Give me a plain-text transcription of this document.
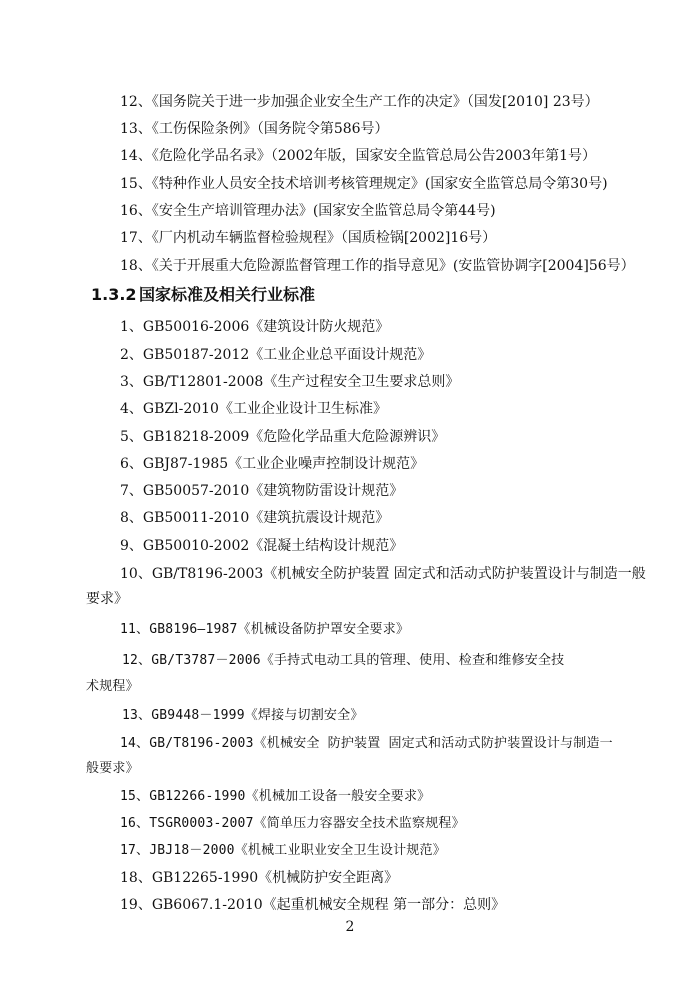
12、《国务院关于进一步加强企业安全生产工作的决定》（国发[2010] 23号）
13、《工伤保险条例》（国务院令第586号）
14、《危险化学品名录》（2002年版，国家安全监管总局公告2003年第1号）
15、《特种作业人员安全技术培训考核管理规定》(国家安全监管总局令第30号)
16、《安全生产培训管理办法》(国家安全监管总局令第44号)
17、《厂内机动车辆监督检验规程》（国质检锅[2002]16号）
18、《关于开展重大危险源监督管理工作的指导意见》(安监管协调字[2004]56号）
1.3.2 国家标准及相关行业标准
1、GB50016-2006《建筑设计防火规范》
2、GB50187-2012《工业企业总平面设计规范》
3、GB/T12801-2008《生产过程安全卫生要求总则》
4、GBZl-2010《工业企业设计卫生标准》
5、GB18218-2009《危险化学品重大危险源辨识》
6、GBJ87-1985《工业企业噪声控制设计规范》
7、GB50057-2010《建筑物防雷设计规范》
8、GB50011-2010《建筑抗震设计规范》
9、GB50010-2002《混凝土结构设计规范》
10、GB/T8196-2003《机械安全防护装置 固定式和活动式防护装置设计与制造一般
要求》
11、GB8196—1987《机械设备防护罩安全要求》
12、GB/T3787－2006《手持式电动工具的管理、使用、检查和维修安全技
术规程》
13、GB9448－1999《焊接与切割安全》
14、GB/T8196-2003《机械安全 防护装置 固定式和活动式防护装置设计与制造一
般要求》
15、GB12266-1990《机械加工设备一般安全要求》
16、TSGR0003-2007《简单压力容器安全技术监察规程》
17、JBJ18－2000《机械工业职业安全卫生设计规范》
18、GB12265-1990《机械防护安全距离》
19、GB6067.1-2010《起重机械安全规程 第一部分：总则》
2
